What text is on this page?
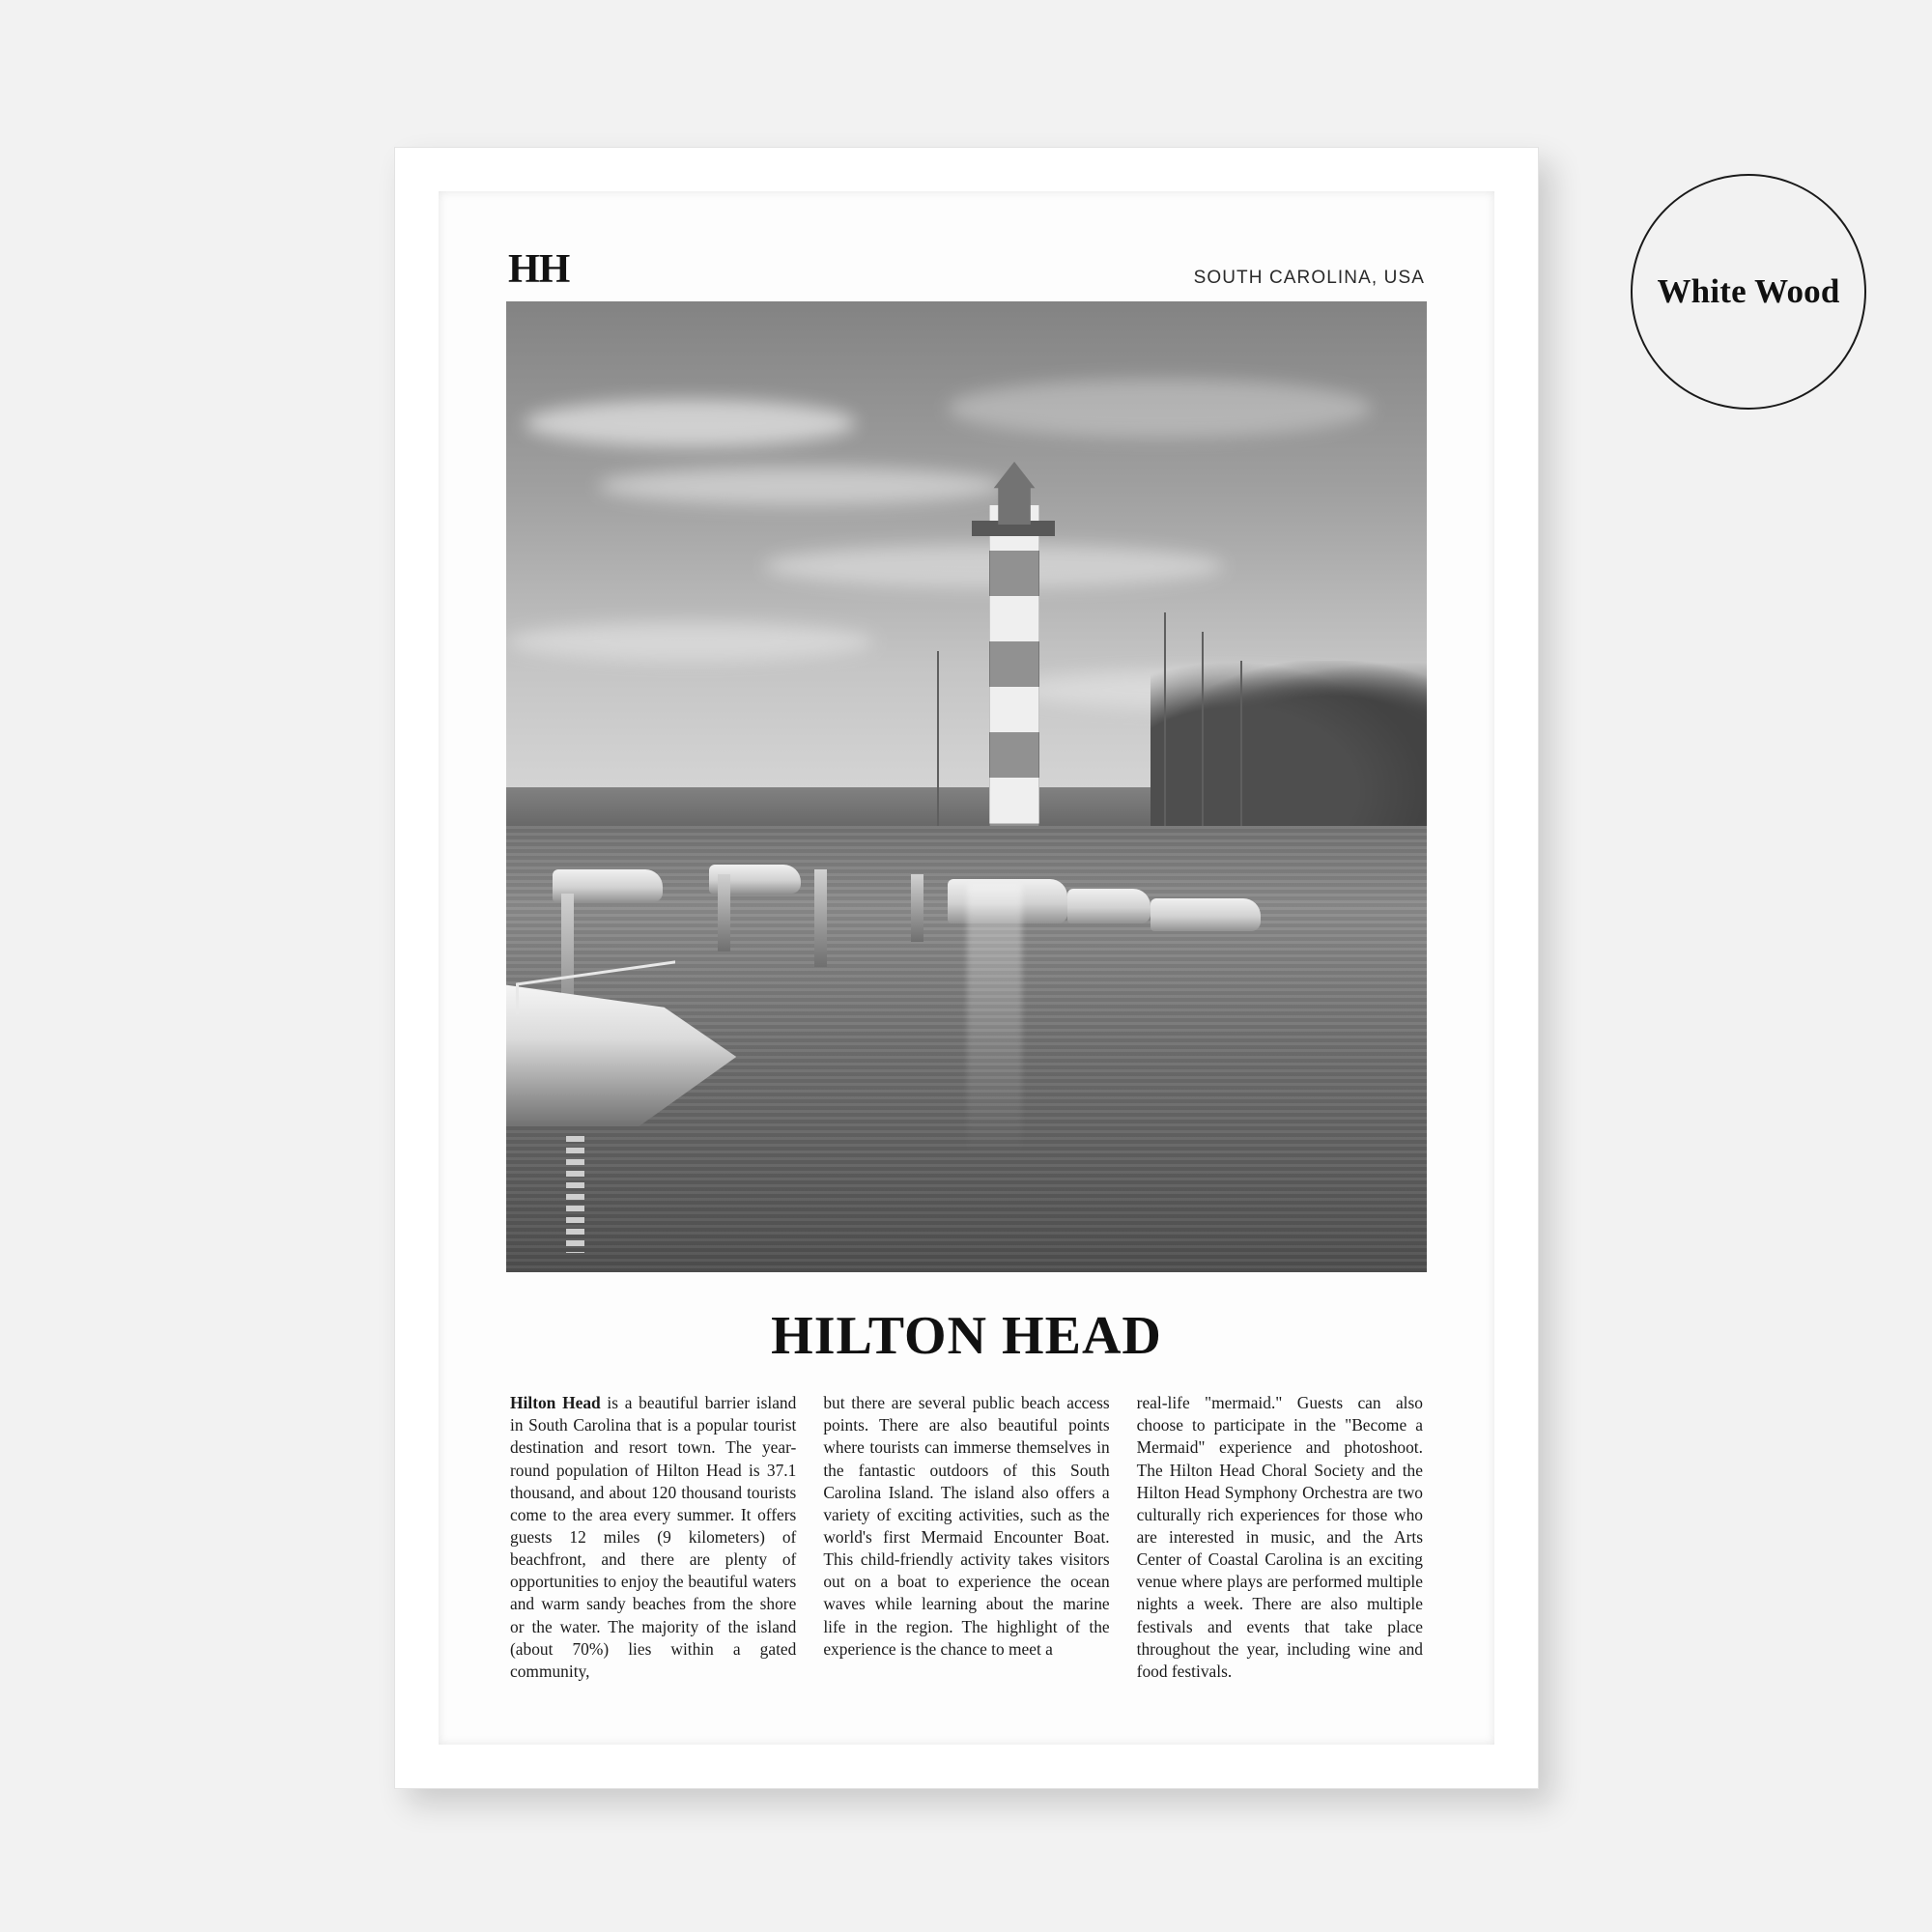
White Wood
HH	SOUTH CAROLINA, USA
HILTON HEAD
Hilton Head is a beautiful barrier island in South Carolina that is a popular tourist destination and resort town. The year-round population of Hilton Head is 37.1 thousand, and about 120 thousand tourists come to the area every summer. It offers guests 12 miles (9 kilometers) of beachfront, and there are plenty of opportunities to enjoy the beautiful waters and warm sandy beaches from the shore or the water. The majority of the island (about 70%) lies within a gated community,
but there are several public beach access points. There are also beautiful points where tourists can immerse themselves in the fantastic outdoors of this South Carolina Island. The island also offers a variety of exciting activities, such as the world's first Mermaid Encounter Boat. This child-friendly activity takes visitors out on a boat to experience the ocean waves while learning about the marine life in the region. The highlight of the experience is the chance to meet a
real-life "mermaid." Guests can also choose to participate in the "Become a Mermaid" experience and photoshoot. The Hilton Head Choral Society and the Hilton Head Symphony Orchestra are two culturally rich experiences for those who are interested in music, and the Arts Center of Coastal Carolina is an exciting venue where plays are performed multiple nights a week. There are also multiple festivals and events that take place throughout the year, including wine and food festivals.
